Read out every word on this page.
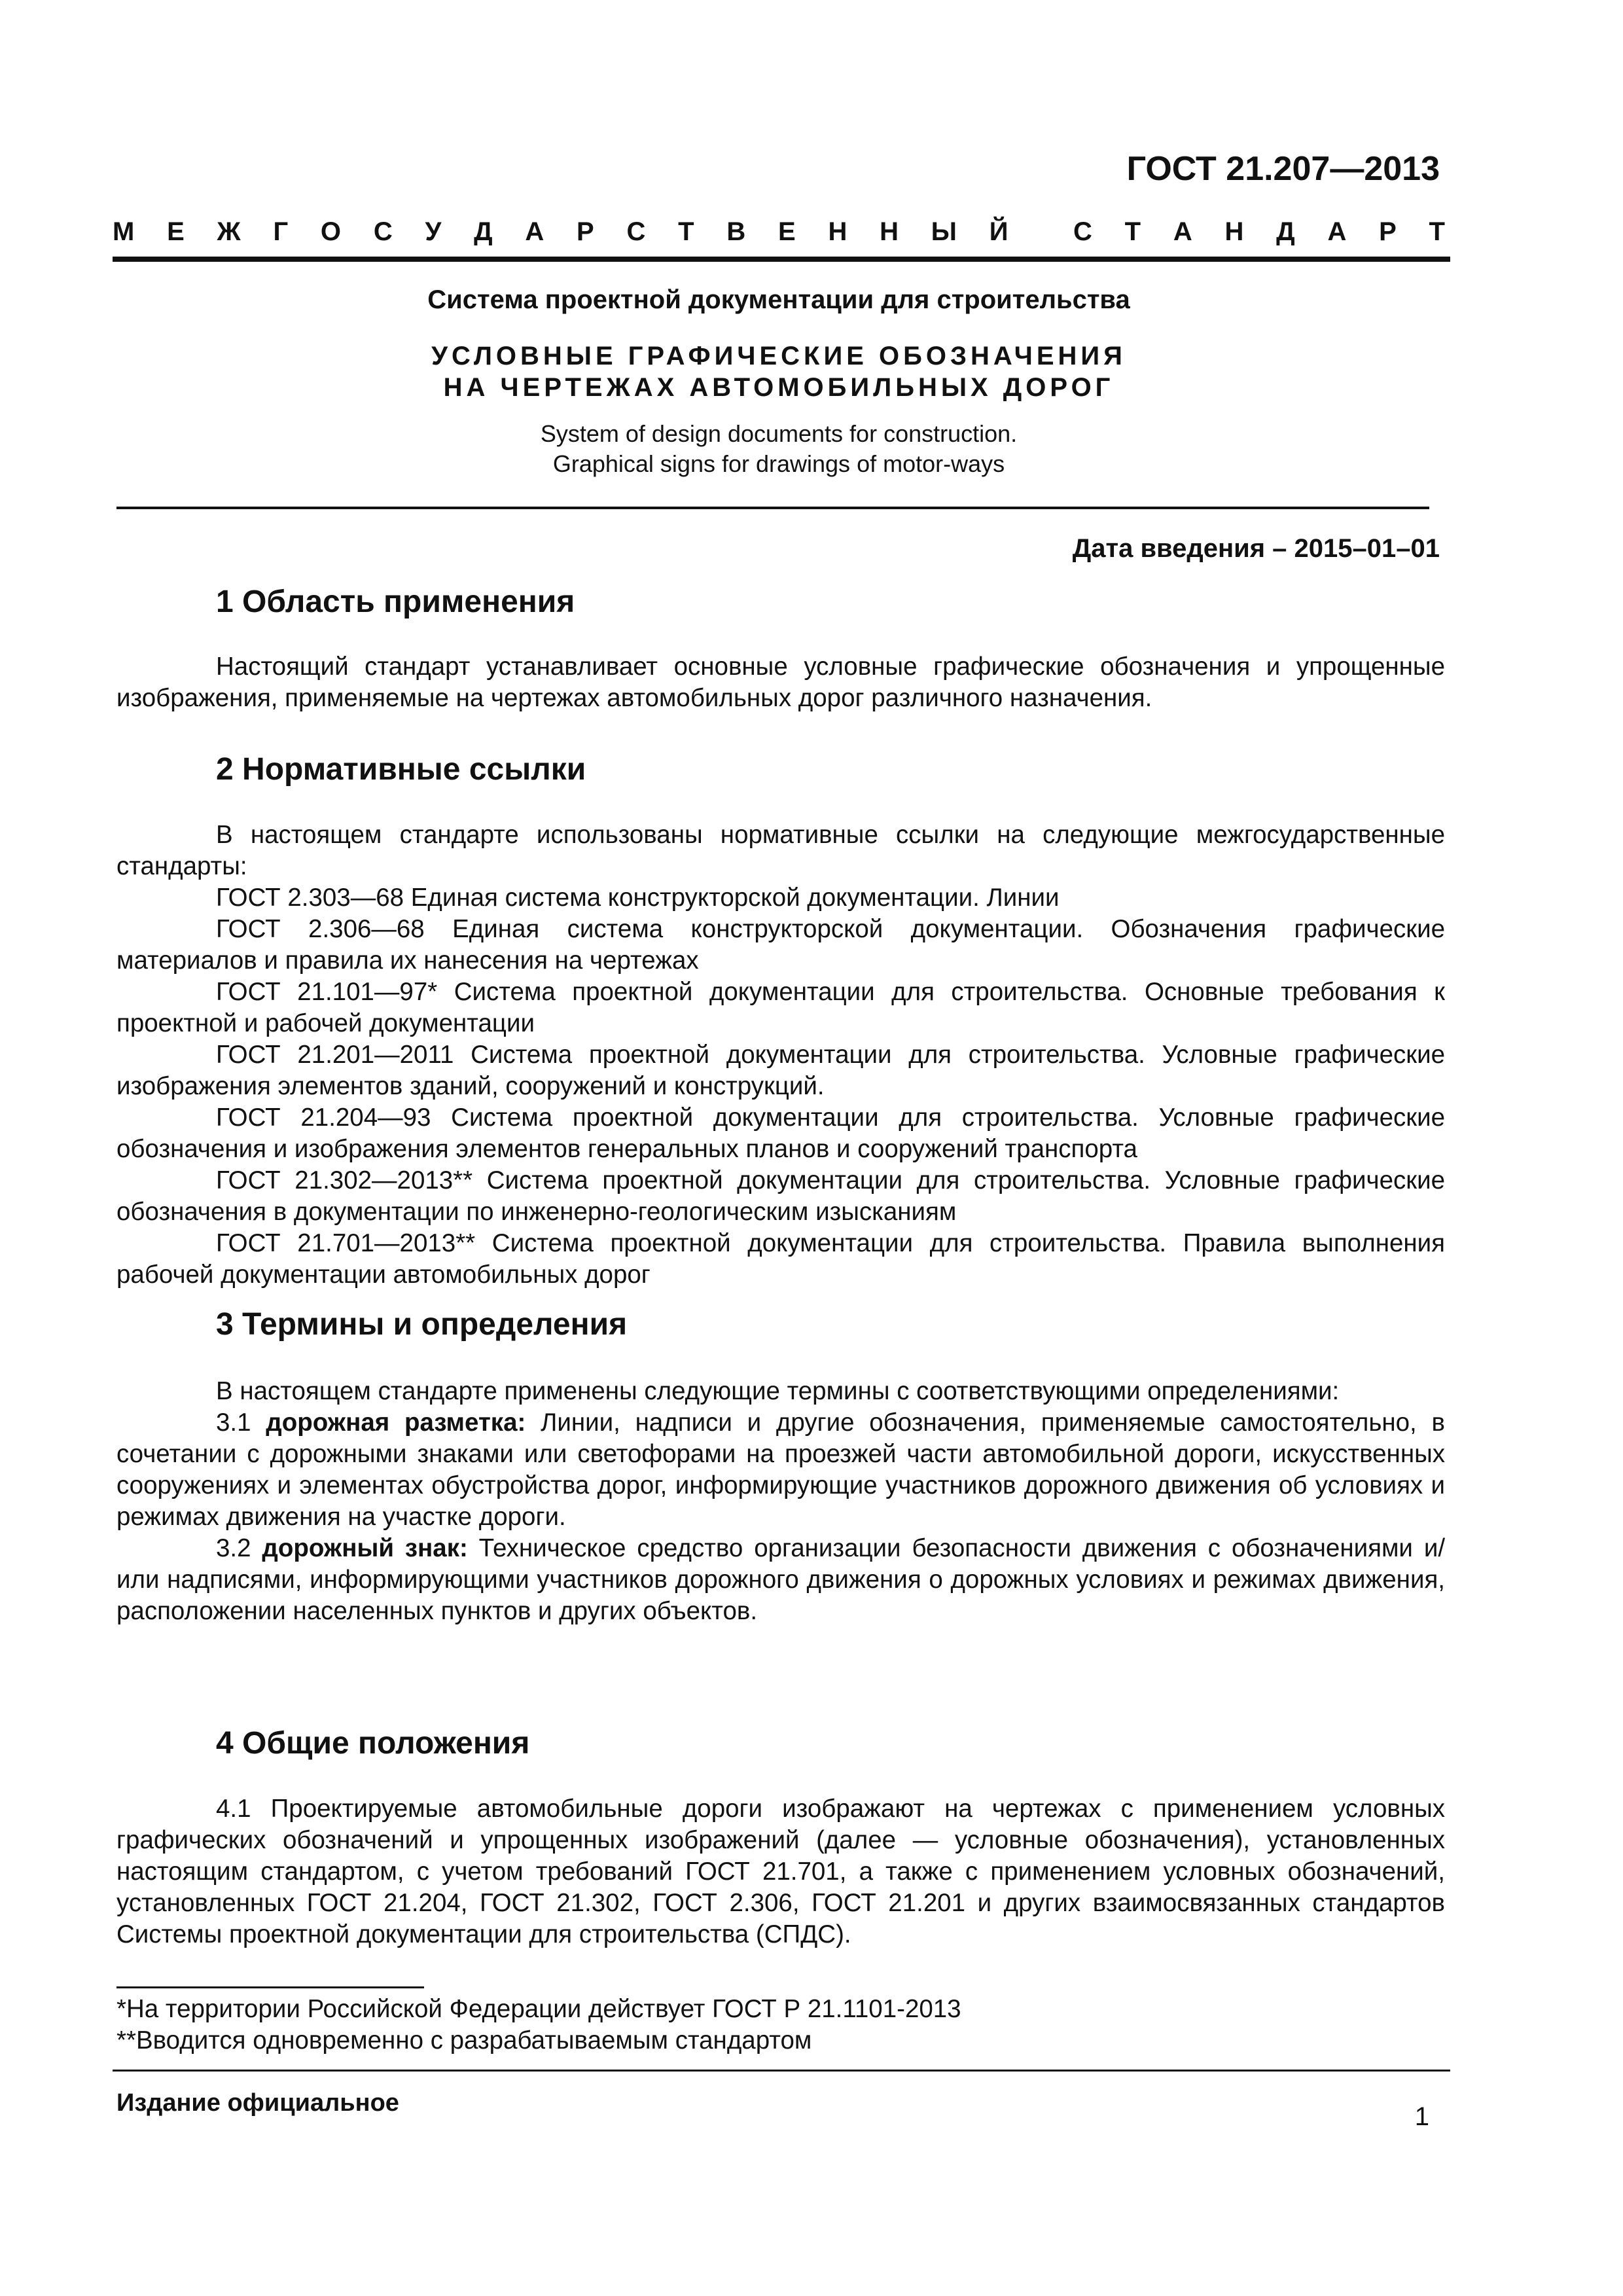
ГОСТ 21.207—2013
М Е Ж Г О С У Д А Р С Т В Е Н Н Ы Й С Т А Н Д А Р Т
Система проектной документации для строительства
УСЛОВНЫЕ ГРАФИЧЕСКИЕ ОБОЗНАЧЕНИЯ
НА ЧЕРТЕЖАХ АВТОМОБИЛЬНЫХ ДОРОГ
System of design documents for construction.
Graphical signs for drawings of motor-ways
Дата введения – 2015–01–01
1 Область применения

Настоящий стандарт устанавливает основные условные графические обозначения и упрощенные изображения, применяемые на чертежах автомобильных дорог различного назначения.

2 Нормативные ссылки

В настоящем стандарте использованы нормативные ссылки на следующие межгосударственные стандарты:

ГОСТ 2.303—68 Единая система конструкторской документации. Линии

ГОСТ 2.306—68 Единая система конструкторской документации. Обозначения графические материалов и правила их нанесения на чертежах

ГОСТ 21.101—97* Система проектной документации для строительства. Основные требования к проектной и рабочей документации

ГОСТ 21.201—2011 Система проектной документации для строительства. Условные графические изображения элементов зданий, сооружений и конструкций.

ГОСТ 21.204—93 Система проектной документации для строительства. Условные графические обозначения и изображения элементов генеральных планов и сооружений транспорта

ГОСТ 21.302—2013** Система проектной документации для строительства. Условные графические обозначения в документации по инженерно-геологическим изысканиям

ГОСТ 21.701—2013** Система проектной документации для строительства. Правила выполнения рабочей документации автомобильных дорог

3 Термины и определения

В настоящем стандарте применены следующие термины с соответствующими определениями:

3.1 дорожная разметка: Линии, надписи и другие обозначения, применяемые самостоятельно, в сочетании с дорожными знаками или светофорами на проезжей части автомобильной дороги, искусственных сооружениях и элементах обустройства дорог, информирующие участников дорожного движения об условиях и режимах движения на участке дороги.

3.2 дорожный знак: Техническое средство организации безопасности движения с обозначениями и/или надписями, информирующими участников дорожного движения о дорожных условиях и режимах движения, расположении населенных пунктов и других объектов.

4 Общие положения

4.1 Проектируемые автомобильные дороги изображают на чертежах с применением условных графических обозначений и упрощенных изображений (далее — условные обозначения), установленных настоящим стандартом, с учетом требований ГОСТ 21.701, а также с применением условных обозначений, установленных ГОСТ 21.204, ГОСТ 21.302, ГОСТ 2.306, ГОСТ 21.201 и других взаимосвязанных стандартов Системы проектной документации для строительства (СПДС).

*На территории Российской Федерации действует ГОСТ Р 21.1101-2013

**Вводится одновременно с разрабатываемым стандартом

Издание официальное	1
